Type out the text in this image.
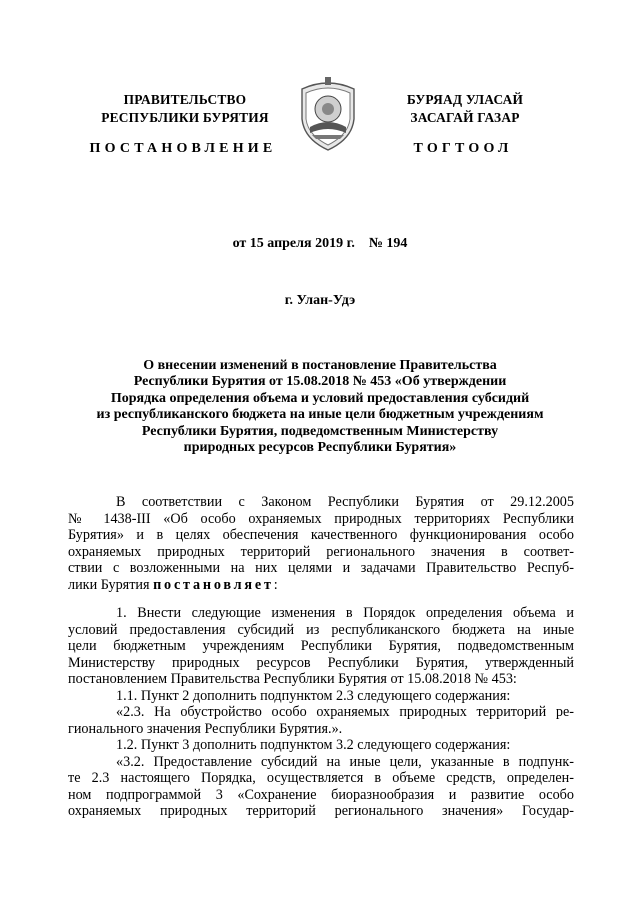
ПРАВИТЕЛЬСТВО
РЕСПУБЛИКИ БУРЯТИЯ
БУРЯАД УЛАСАЙ
ЗАСАГАЙ ГАЗАР
ПОСТАНОВЛЕНИЕ	ТОГТООЛ
от 15 апреля 2019 г.    № 194
г. Улан-Удэ
О внесении изменений в постановление Правительства
Республики Бурятия от 15.08.2018 № 453 «Об утверждении
Порядка определения объема и условий предоставления субсидий
из республиканского бюджета на иные цели бюджетным учреждениям
Республики Бурятия, подведомственным Министерству
природных ресурсов Республики Бурятия»
В соответствии с Законом Республики Бурятия от 29.12.2005
№ 1438-III «Об особо охраняемых природных территориях Республики
Бурятия» и в целях обеспечения качественного функционирования особо
охраняемых природных территорий регионального значения в соответ-
ствии с возложенными на них целями и задачами Правительство Респуб-
лики Бурятия постановляет:
1. Внести следующие изменения в Порядок определения объема и
условий предоставления субсидий из республиканского бюджета на иные
цели бюджетным учреждениям Республики Бурятия, подведомственным
Министерству природных ресурсов Республики Бурятия, утвержденный
постановлением Правительства Республики Бурятия от 15.08.2018 № 453:
1.1. Пункт 2 дополнить подпунктом 2.3 следующего содержания:
«2.3. На обустройство особо охраняемых природных территорий ре-
гионального значения Республики Бурятия.».
1.2. Пункт 3 дополнить подпунктом 3.2 следующего содержания:
«3.2. Предоставление субсидий на иные цели, указанные в подпунк-
те 2.3 настоящего Порядка, осуществляется в объеме средств, определен-
ном подпрограммой 3 «Сохранение биоразнообразия и развитие особо
охраняемых природных территорий регионального значения» Государ-
